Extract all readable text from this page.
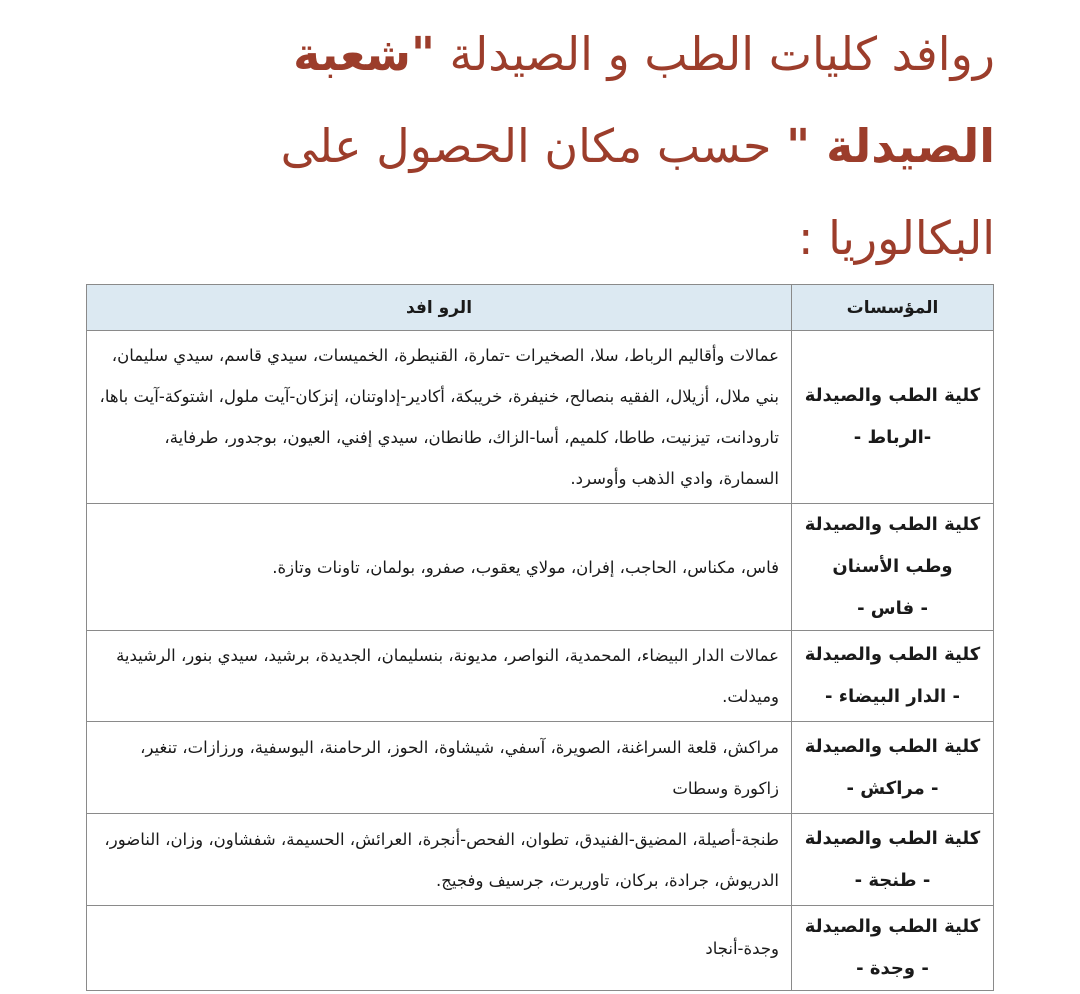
روافد كليات الطب و الصيدلة "شعبة الصيدلة " حسب مكان الحصول على البكالوريا :
المؤسسات	الرو افد

كلية الطب والصيدلة
-الرباط -	عمالات وأقاليم الرباط، سلا، الصخيرات -تمارة، القنيطرة، الخميسات، سيدي قاسم، سيدي سليمان، بني ملال، أزيلال، الفقيه بنصالح، خنيفرة، خريبكة، أكادير-إداوتنان، إنزكان-آيت ملول، اشتوكة-آيت باها، تارودانت، تيزنيت، طاطا، كلميم، أسا-الزاك، طانطان، سيدي إفني، العيون، بوجدور، طرفاية، السمارة، وادي الذهب وأوسرد.

كلية الطب والصيدلة وطب الأسنان
- فاس -	فاس، مكناس، الحاجب، إفران، مولاي يعقوب، صفرو، بولمان، تاونات وتازة.

كلية الطب والصيدلة
- الدار البيضاء -	عمالات الدار البيضاء، المحمدية، النواصر، مديونة، بنسليمان، الجديدة، برشيد، سيدي بنور، الرشيدية وميدلت.

كلية الطب والصيدلة
- مراكش -	مراكش، قلعة السراغنة، الصويرة، آسفي، شيشاوة، الحوز، الرحامنة، اليوسفية، ورزازات، تنغير، زاكورة وسطات

كلية الطب والصيدلة
- طنجة -	طنجة-أصيلة، المضيق-الفنيدق، تطوان، الفحص-أنجرة، العرائش، الحسيمة، شفشاون، وزان، الناضور، الدريوش، جرادة، بركان، تاوريرت، جرسيف وفجيج.

كلية الطب والصيدلة
- وجدة -	وجدة-أنجاد
